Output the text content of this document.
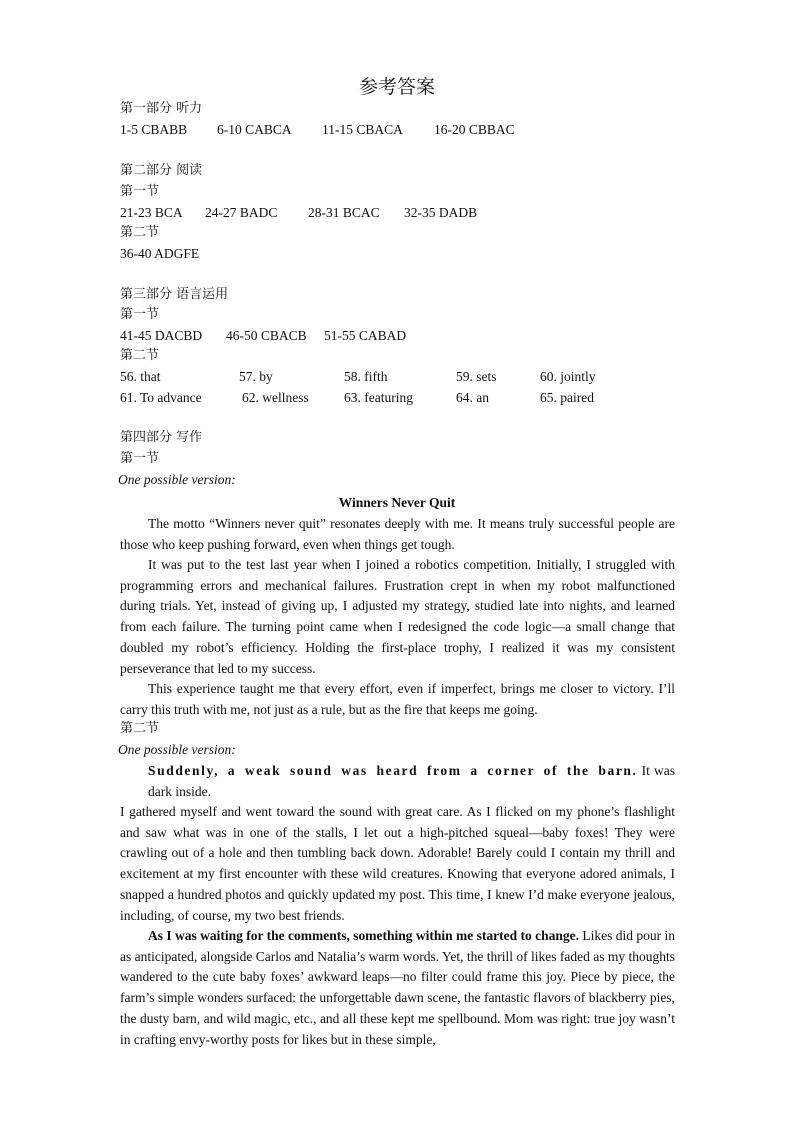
参考答案
第一部分 听力
1-5 CBABB 6-10 CABCA 11-15 CBACA 16-20 CBBAC
第二部分 阅读
第一节
21-23 BCA 24-27 BADC 28-31 BCAC 32-35 DADB
第二节
36-40 ADGFE
第三部分 语言运用
第一节
41-45 DACBD 46-50 CBACB 51-55 CABAD
第二节
56. that	57. by	58. fifth	59. sets	60. jointly
61. To advance	62. wellness	63. featuring	64. an	65. paired
第四部分 写作
第一节
One possible version:
Winners Never Quit

The motto “Winners never quit” resonates deeply with me. It means truly successful people are those who keep pushing forward, even when things get tough.

It was put to the test last year when I joined a robotics competition. Initially, I struggled with programming errors and mechanical failures. Frustration crept in when my robot malfunctioned during trials. Yet, instead of giving up, I adjusted my strategy, studied late into nights, and learned from each failure. The turning point came when I redesigned the code logic—a small change that doubled my robot’s efficiency. Holding the first-place trophy, I realized it was my consistent perseverance that led to my success.

This experience taught me that every effort, even if imperfect, brings me closer to victory. I’ll carry this truth with me, not just as a rule, but as the fire that keeps me going.

第二节
One possible version:

Suddenly, a weak sound was heard from a corner of the barn. It was dark inside.

I gathered myself and went toward the sound with great care. As I flicked on my phone’s flashlight and saw what was in one of the stalls, I let out a high-pitched squeal—baby foxes! They were crawling out of a hole and then tumbling back down. Adorable! Barely could I contain my thrill and excitement at my first encounter with these wild creatures. Knowing that everyone adored animals, I snapped a hundred photos and quickly updated my post. This time, I knew I’d make everyone jealous, including, of course, my two best friends.

As I was waiting for the comments, something within me started to change. Likes did pour in as anticipated, alongside Carlos and Natalia’s warm words. Yet, the thrill of likes faded as my thoughts wandered to the cute baby foxes’ awkward leaps—no filter could frame this joy. Piece by piece, the farm’s simple wonders surfaced: the unforgettable dawn scene, the fantastic flavors of blackberry pies, the dusty barn, and wild magic, etc., and all these kept me spellbound. Mom was right: true joy wasn’t in crafting envy-worthy posts for likes but in these simple,
